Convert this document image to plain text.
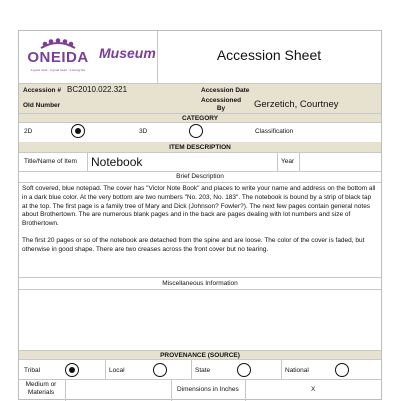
ONEIDA
A good mind · A good heart · A strong fire
Museum	Accession Sheet
Accession # BC2010.022.321	Accession Date
Old Number
Accessioned By	Gerzetich, Courtney
CATEGORY
2D	3D	Classification
ITEM DESCRIPTION
Title/Name of Item Notebook	Year
Brief Description
Soft covered, blue notepad. The cover has "Victor Note Book" and places to write your name and address on the bottom all in a dark blue color. At the very bottom are two numbers "No. 203, No. 183". The notebook is bound by a strip of black tap at the top. The first page is a family tree of Mary and Dick (Johnson? Fowler?). The next few pages contain general notes about Brothertown. The are numerous blank pages and in the back are pages dealing with lot numbers and size of Brothertown.
The first 20 pages or so of the notebook are detached from the spine and are loose. The color of the cover is faded, but otherwise in good shape. There are two creases across the front cover but no tearing.
Miscellaneous Information
PROVENANCE (SOURCE)
Tribal	Local	State	National
Medium or Materials	Dimensions in Inches	X
